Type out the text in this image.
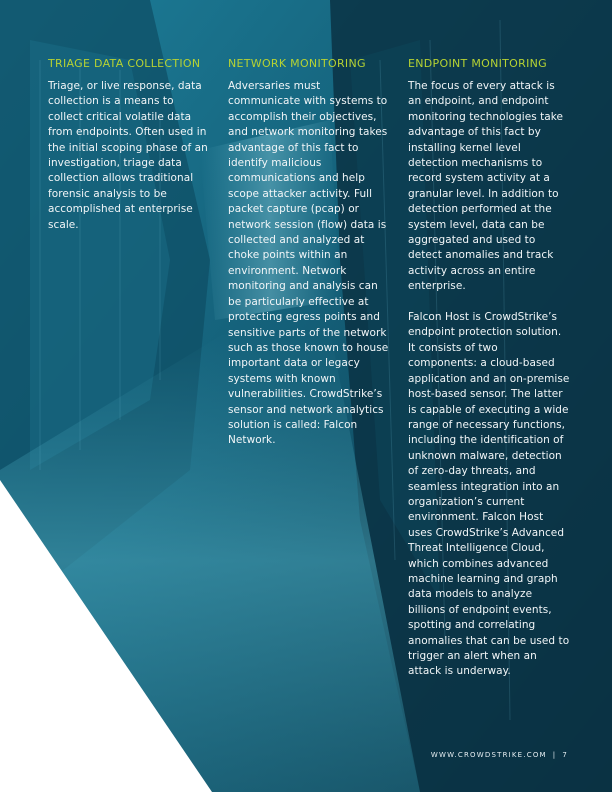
TRIAGE DATA COLLECTION

Triage, or live response, data collection is a means to collect critical volatile data from endpoints. Often used in the initial scoping phase of an investigation, triage data collection allows traditional forensic analysis to be accomplished at enterprise scale.

NETWORK MONITORING

Adversaries must communicate with systems to accomplish their objectives, and network monitoring takes advantage of this fact to identify malicious communications and help scope attacker activity. Full packet capture (pcap) or network session (flow) data is collected and analyzed at choke points within an environment. Network monitoring and analysis can be particularly effective at protecting egress points and sensitive parts of the network such as those known to house important data or legacy systems with known vulnerabilities. CrowdStrike’s sensor and network analytics solution is called: Falcon Network.

ENDPOINT MONITORING

The focus of every attack is an endpoint, and endpoint monitoring technologies take advantage of this fact by installing kernel level detection mechanisms to record system activity at a granular level. In addition to detection performed at the system level, data can be aggregated and used to detect anomalies and track activity across an entire enterprise.

Falcon Host is CrowdStrike’s endpoint protection solution. It consists of two components: a cloud-based application and an on-premise host-based sensor. The latter is capable of executing a wide range of necessary functions, including the identification of unknown malware, detection of zero-day threats, and seamless integration into an organization’s current environment. Falcon Host uses CrowdStrike’s Advanced Threat Intelligence Cloud, which combines advanced machine learning and graph data models to analyze billions of endpoint events, spotting and correlating anomalies that can be used to trigger an alert when an attack is underway.

WWW.CROWDSTRIKE.COM | 7
